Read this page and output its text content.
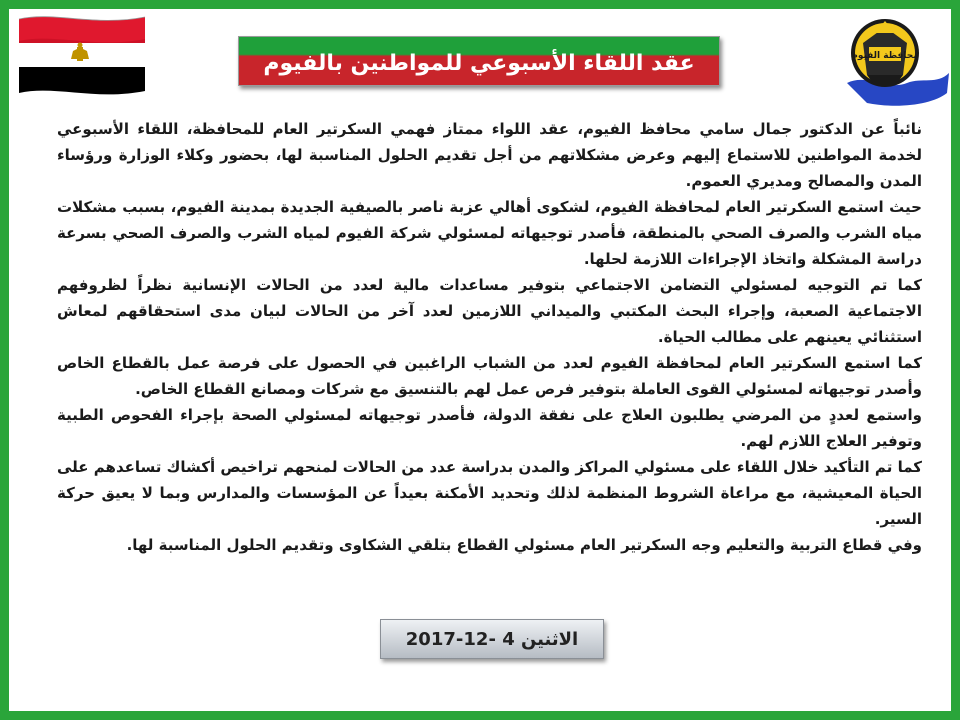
محافظة الفيوم
عقد اللقاء الأسبوعي للمواطنين بالفيوم

نائباً عن الدكتور جمال سامي محافظ الفيوم، عقد اللواء ممتاز فهمي السكرتير العام للمحافظة، اللقاء الأسبوعي لخدمة المواطنين للاستماع إليهم وعرض مشكلاتهم من أجل تقديم الحلول المناسبة لها، بحضور وكلاء الوزارة ورؤساء المدن والمصالح ومديري العموم.

حيث استمع السكرتير العام لمحافظة الفيوم، لشكوى أهالي عزبة ناصر بالصيفية الجديدة بمدينة الفيوم، بسبب مشكلات مياه الشرب والصرف الصحي بالمنطقة، فأصدر توجيهاته لمسئولي شركة الفيوم لمياه الشرب والصرف الصحي بسرعة دراسة المشكلة واتخاذ الإجراءات اللازمة لحلها.

كما تم التوجيه لمسئولي التضامن الاجتماعي بتوفير مساعدات مالية لعدد من الحالات الإنسانية نظراً لظروفهم الاجتماعية الصعبة، وإجراء البحث المكتبي والميداني اللازمين لعدد آخر من الحالات لبيان مدى استحقاقهم لمعاش استثنائي يعينهم على مطالب الحياة.

كما استمع السكرتير العام لمحافظة الفيوم لعدد من الشباب الراغبين في الحصول على فرصة عمل بالقطاع الخاص وأصدر توجيهاته لمسئولي القوى العاملة بتوفير فرص عمل لهم بالتنسيق مع شركات ومصانع القطاع الخاص.

واستمع لعددٍ من المرضي يطلبون العلاج على نفقة الدولة، فأصدر توجيهاته لمسئولي الصحة بإجراء الفحوص الطبية وتوفير العلاج اللازم لهم.

كما تم التأكيد خلال اللقاء على مسئولي المراكز والمدن بدراسة عدد من الحالات لمنحهم تراخيص أكشاك تساعدهم على الحياة المعيشية، مع مراعاة الشروط المنظمة لذلك وتحديد الأمكنة بعيداً عن المؤسسات والمدارس وبما لا يعيق حركة السير.

وفي قطاع التربية والتعليم وجه السكرتير العام مسئولي القطاع بتلقي الشكاوى وتقديم الحلول المناسبة لها.

الاثنين 4 -12-2017
